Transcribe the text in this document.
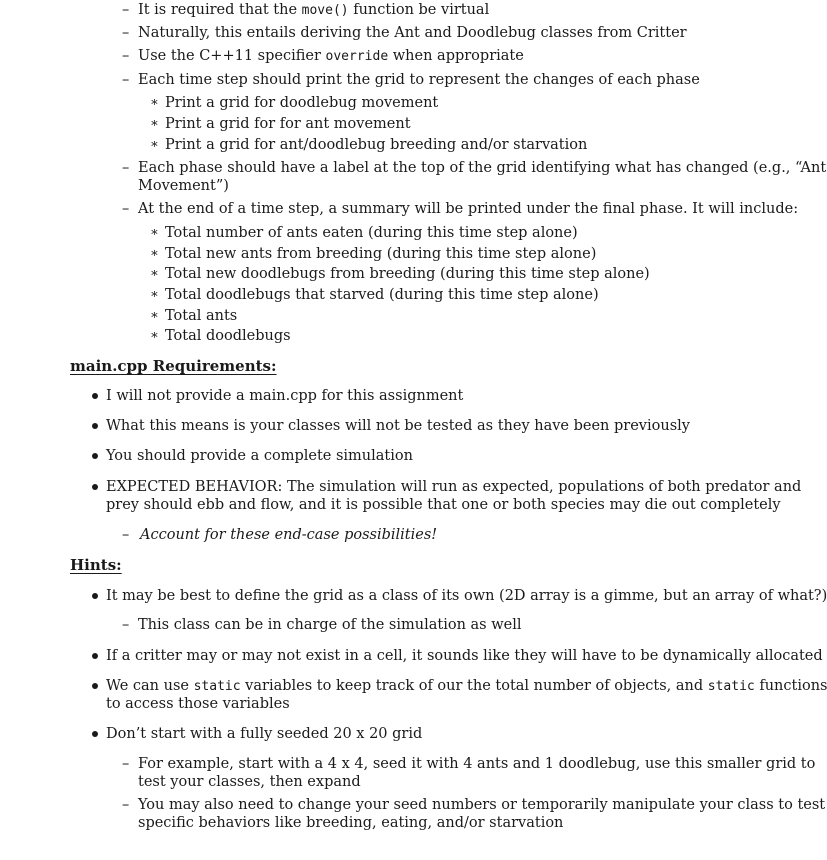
– It is required that the move() function be virtual
– Naturally, this entails deriving the Ant and Doodlebug classes from Critter
– Use the C++11 specifier override when appropriate
– Each time step should print the grid to represent the changes of each phase
∗ Print a grid for doodlebug movement
∗ Print a grid for for ant movement
∗ Print a grid for ant/doodlebug breeding and/or starvation
– Each phase should have a label at the top of the grid identifying what has changed (e.g., “Ant
Movement”)
– At the end of a time step, a summary will be printed under the final phase. It will include:
∗ Total number of ants eaten (during this time step alone)
∗ Total new ants from breeding (during this time step alone)
∗ Total new doodlebugs from breeding (during this time step alone)
∗ Total doodlebugs that starved (during this time step alone)
∗ Total ants
∗ Total doodlebugs
main.cpp Requirements:
I will not provide a main.cpp for this assignment
What this means is your classes will not be tested as they have been previously
You should provide a complete simulation
EXPECTED BEHAVIOR: The simulation will run as expected, populations of both predator and
prey should ebb and flow, and it is possible that one or both species may die out completely
– Account for these end-case possibilities!
Hints:
It may be best to define the grid as a class of its own (2D array is a gimme, but an array of what?)
– This class can be in charge of the simulation as well
If a critter may or may not exist in a cell, it sounds like they will have to be dynamically allocated
We can use static variables to keep track of our the total number of objects, and static functions
to access those variables
Don’t start with a fully seeded 20 x 20 grid
– For example, start with a 4 x 4, seed it with 4 ants and 1 doodlebug, use this smaller grid to
test your classes, then expand
– You may also need to change your seed numbers or temporarily manipulate your class to test
specific behaviors like breeding, eating, and/or starvation
